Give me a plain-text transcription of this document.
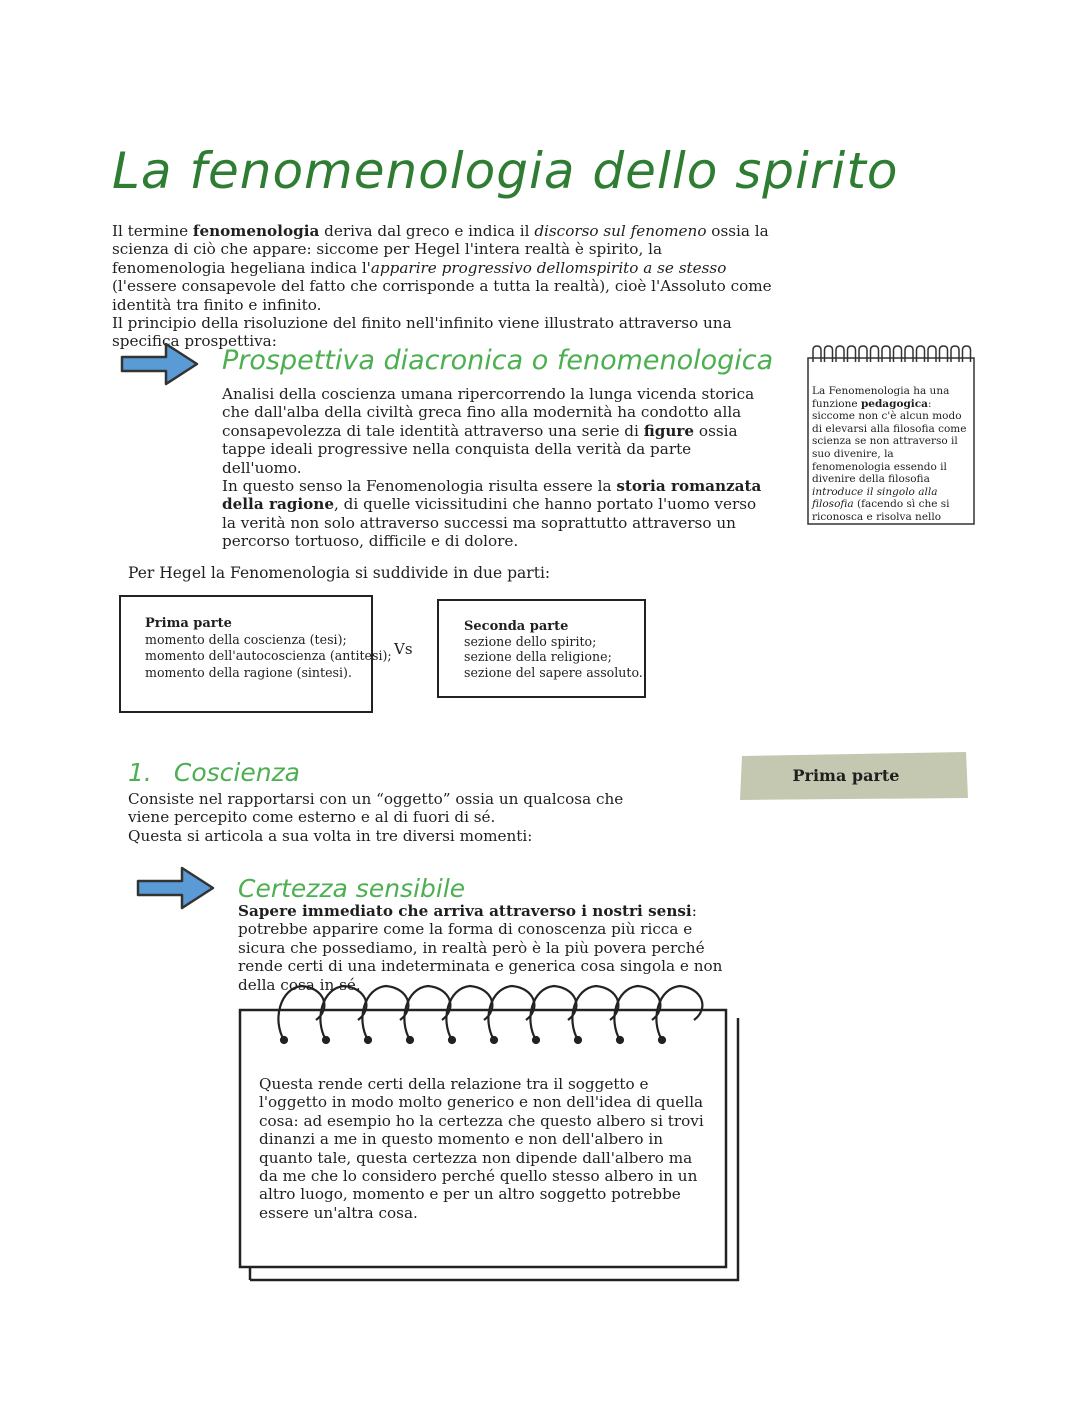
La fenomenologia dello spirito
Il termine fenomenologia deriva dal greco e indica il discorso sul fenomeno ossia la scienza di ciò che appare: siccome per Hegel l'intera realtà è spirito, la fenomenologia hegeliana indica l'apparire progressivo dellomspirito a se stesso (l'essere consapevole del fatto che corrisponde a tutta la realtà), cioè l'Assoluto come identità tra finito e infinito.
Il principio della risoluzione del finito nell'infinito viene illustrato attraverso una specifica prospettiva:
Prospettiva diacronica o fenomenologica
Analisi della coscienza umana ripercorrendo la lunga vicenda storica che dall'alba della civiltà greca fino alla modernità ha condotto alla consapevolezza di tale identità attraverso una serie di figure ossia tappe ideali progressive nella conquista della verità da parte dell'uomo.
In questo senso la Fenomenologia risulta essere la storia romanzata della ragione, di quelle vicissitudini che hanno portato l'uomo verso la verità non solo attraverso successi ma soprattutto attraverso un percorso tortuoso, difficile e di dolore.
La Fenomenologia ha una funzione pedagogica: siccome non c'è alcun modo di elevarsi alla filosofia come scienza se non attraverso il suo divenire, la fenomenologia essendo il divenire della filosofia introduce il singolo alla filosofia (facendo sì che si riconosca e risolva nello
Per Hegel la Fenomenologia si suddivide in due parti:
Prima parte
momento della coscienza (tesi);
momento dell'autocoscienza (antitesi);
momento della ragione (sintesi).
Vs
Seconda parte
sezione dello spirito;
sezione della religione;
sezione del sapere assoluto.
1. Coscienza	Prima parte
Consiste nel rapportarsi con un “oggetto” ossia un qualcosa che viene percepito come esterno e al di fuori di sé.
Questa si articola a sua volta in tre diversi momenti:
Certezza sensibile
Sapere immediato che arriva attraverso i nostri sensi: potrebbe apparire come la forma di conoscenza più ricca e sicura che possediamo, in realtà però è la più povera perché rende certi di una indeterminata e generica cosa singola e non della cosa in sé.
Questa rende certi della relazione tra il soggetto e l'oggetto in modo molto generico e non dell'idea di quella cosa: ad esempio ho la certezza che questo albero si trovi dinanzi a me in questo momento e non dell'albero in quanto tale, questa certezza non dipende dall'albero ma da me che lo considero perché quello stesso albero in un altro luogo, momento e per un altro soggetto potrebbe essere un'altra cosa.
